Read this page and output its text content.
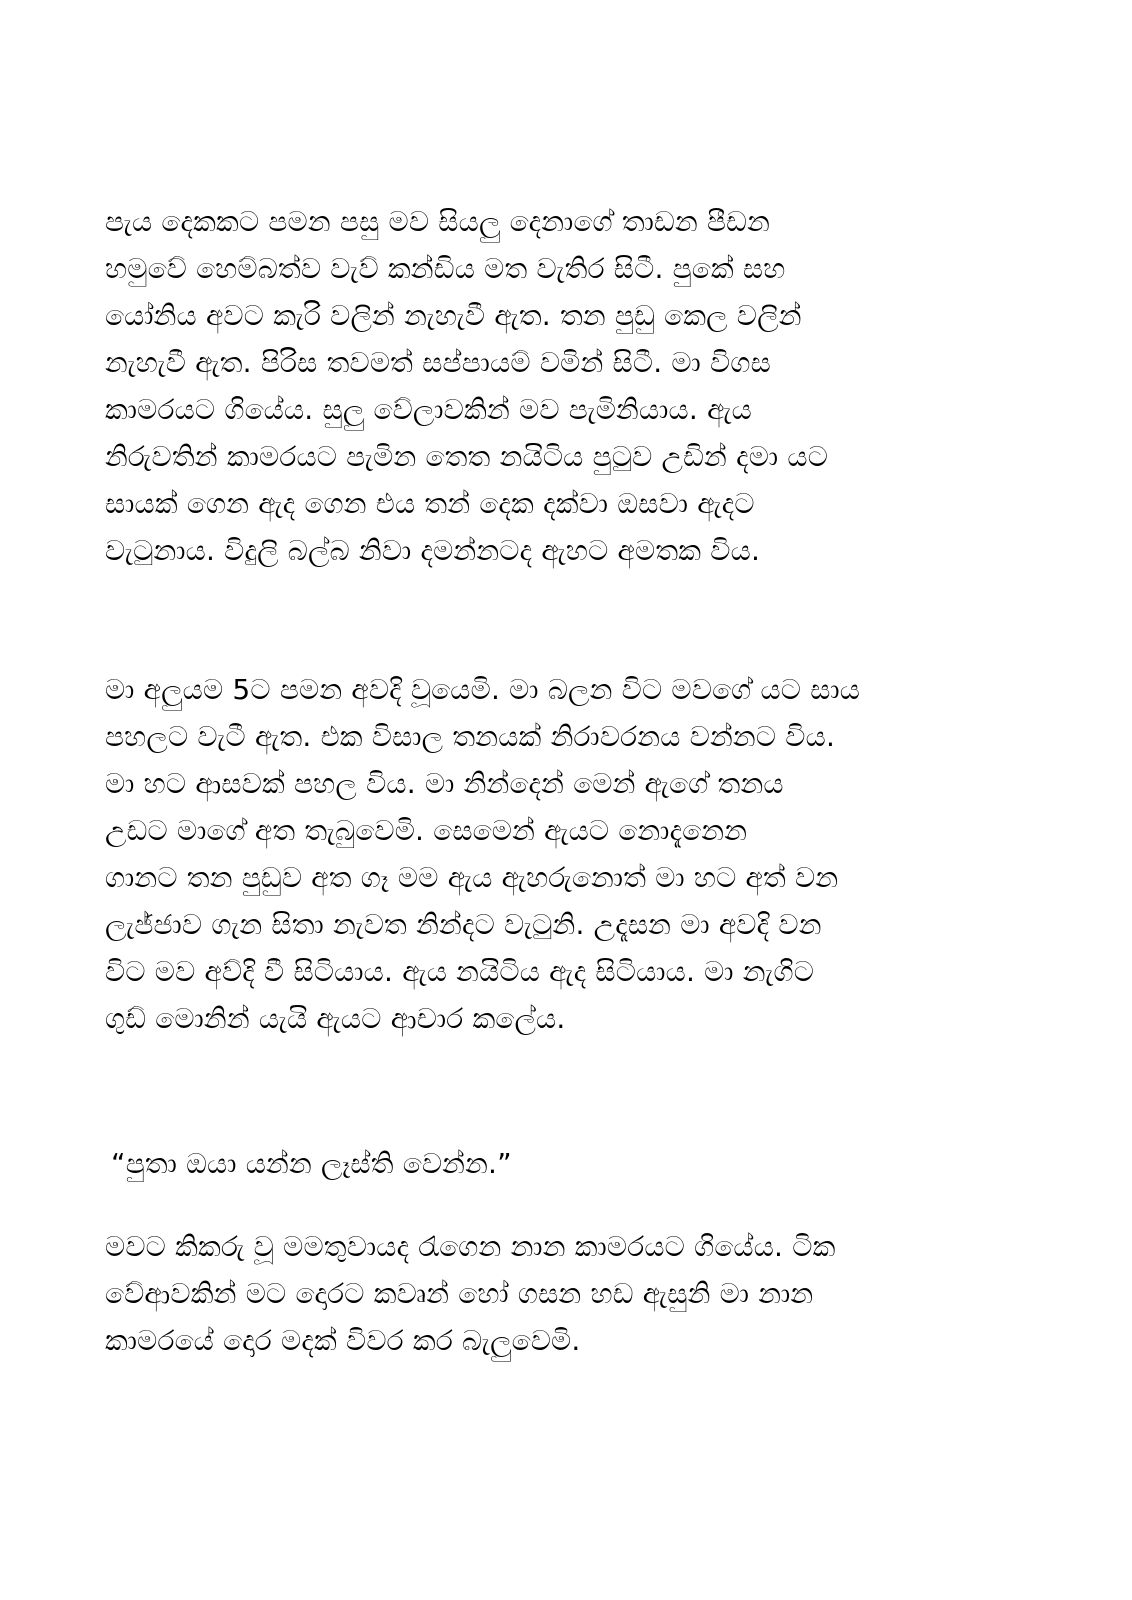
පැය දෙකකට පමන පසු මව සියලු දෙනාගේ තාඩන පීඩන
හමුවේ හෙම්බත්ව වැව් කන්ඩිය මත වැතිර සිටී. පුකේ සහ
යෝනිය අවට කැරි වලින් නැහැවී ඇත. තන පුඩු කෙල වලින්
නැහැවී ඇත. පිරිස තවමත් සප්පායම් වමින් සිටී. මා විගස
කාමරයට ගියේය. සුලු වේලාවකින් මව පැමිනියාය. ඇය
නිරුවතින් කාමරයට පැමින තෙත නයිටිය පුටුව උඩින් දමා යට
සායක් ගෙන ඇද ගෙන එය තන් දෙක දක්වා ඔසවා ඇදට
වැටුනාය. විදුලි බල්බ නිවා දමන්නටද ඇහට අමතක විය.
මා අලුයම 5ට පමන අවදි වූයෙමි. මා බලන විට මවගේ යට සාය
පහලට වැටී ඇත. එක විසාල තනයක් නිරාවරනය වන්නට විය.
මා හට ආසවක් පහල විය. මා නින්දෙන් මෙන් ඇගේ තනය
උඩට මාගේ අත තැබුවෙමි. සෙමෙන් ඇයට නොදැනෙන
ගානට තන පුඩුව අත ගෑ මම ඇය ඇහරුනොත් මා හට අත් වන
ලැජ්ජාව ගැන සිතා නැවත නින්දට වැටුනි. උදෑසන මා අවදි වන
විට මව අව්දි වී සිටියාය. ඇය නයිටිය ඇද සිටියාය. මා නැගිට
ගුඩ් මොනින් යැයි ඇයට ආචාර කලේය.
“පුතා ඔයා යන්න ලෑස්ති වෙන්න.”
මවට කිකරු වූ මමතුවායද රැගෙන නාන කාමරයට ගියේය. ටික
වේආවකින් මට දොරට කවෘන් හෝ ගසන හඩ ඇසුනි මා නාන
කාමරයේ දොර මදක් විවර කර බැලුවෙමි.
